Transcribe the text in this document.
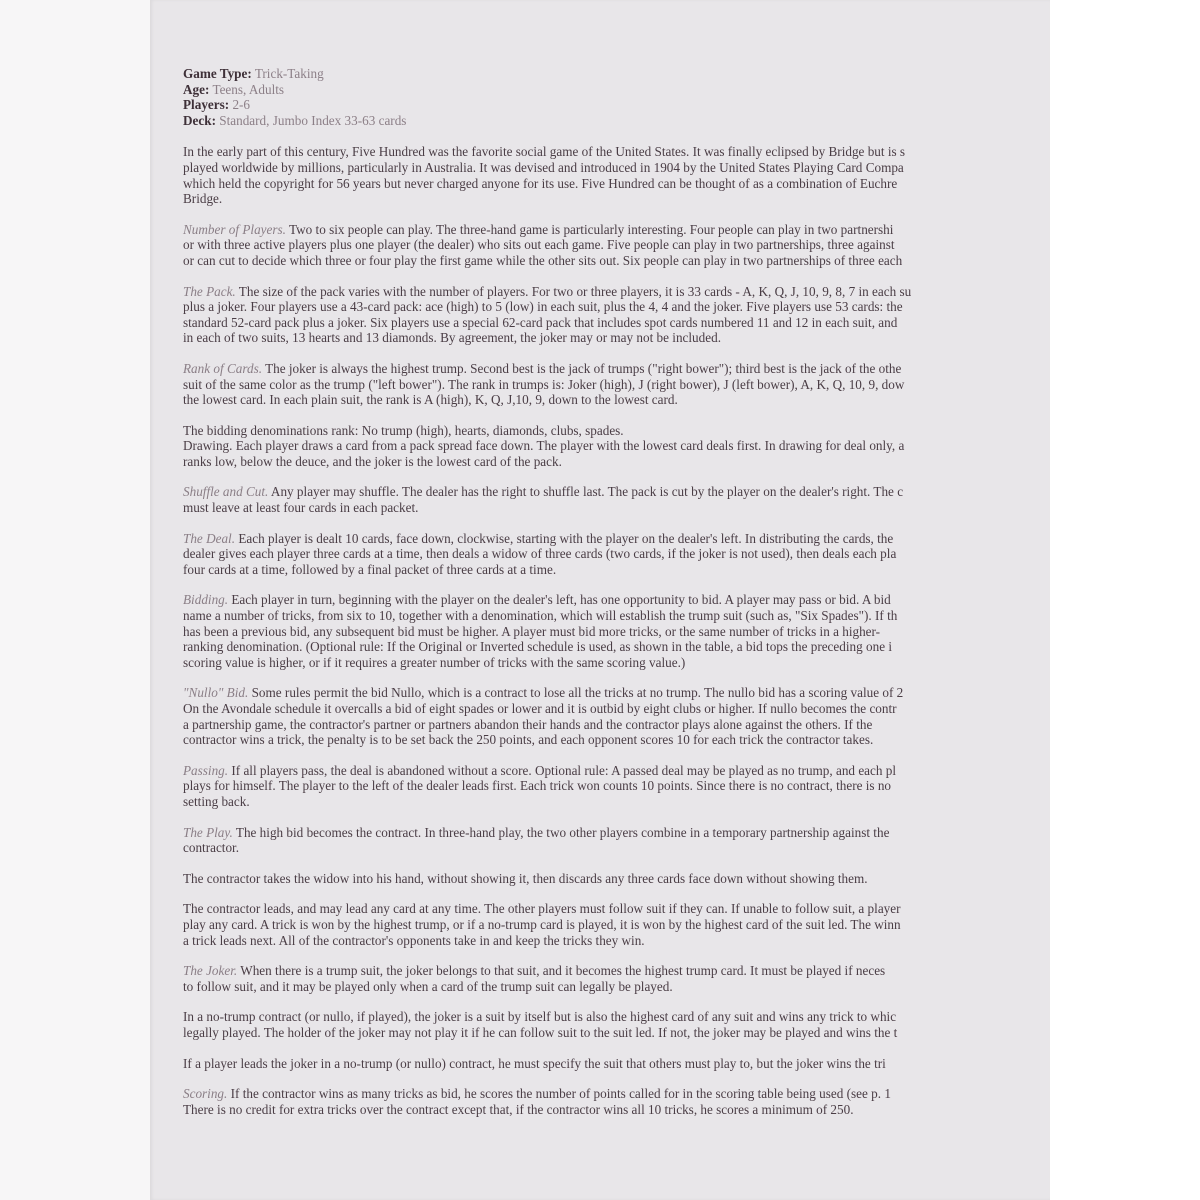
Game Type: Trick-Taking
Age: Teens, Adults
Players: 2-6
Deck: Standard, Jumbo Index 33-63 cards
In the early part of this century, Five Hundred was the favorite social game of the United States. It was finally eclipsed by Bridge but is s
played worldwide by millions, particularly in Australia. It was devised and introduced in 1904 by the United States Playing Card Compa
which held the copyright for 56 years but never charged anyone for its use. Five Hundred can be thought of as a combination of Euchre
Bridge.
Number of Players. Two to six people can play. The three-hand game is particularly interesting. Four people can play in two partnershi
or with three active players plus one player (the dealer) who sits out each game. Five people can play in two partnerships, three against
or can cut to decide which three or four play the first game while the other sits out. Six people can play in two partnerships of three each
The Pack. The size of the pack varies with the number of players. For two or three players, it is 33 cards - A, K, Q, J, 10, 9, 8, 7 in each su
plus a joker. Four players use a 43-card pack: ace (high) to 5 (low) in each suit, plus the 4, 4 and the joker. Five players use 53 cards: the
standard 52-card pack plus a joker. Six players use a special 62-card pack that includes spot cards numbered 11 and 12 in each suit, and
in each of two suits, 13 hearts and 13 diamonds. By agreement, the joker may or may not be included.
Rank of Cards. The joker is always the highest trump. Second best is the jack of trumps ("right bower"); third best is the jack of the othe
suit of the same color as the trump ("left bower"). The rank in trumps is: Joker (high), J (right bower), J (left bower), A, K, Q, 10, 9, dow
the lowest card. In each plain suit, the rank is A (high), K, Q, J,10, 9, down to the lowest card.
The bidding denominations rank: No trump (high), hearts, diamonds, clubs, spades.
Drawing. Each player draws a card from a pack spread face down. The player with the lowest card deals first. In drawing for deal only, a
ranks low, below the deuce, and the joker is the lowest card of the pack.
Shuffle and Cut. Any player may shuffle. The dealer has the right to shuffle last. The pack is cut by the player on the dealer's right. The c
must leave at least four cards in each packet.
The Deal. Each player is dealt 10 cards, face down, clockwise, starting with the player on the dealer's left. In distributing the cards, the
dealer gives each player three cards at a time, then deals a widow of three cards (two cards, if the joker is not used), then deals each pla
four cards at a time, followed by a final packet of three cards at a time.
Bidding. Each player in turn, beginning with the player on the dealer's left, has one opportunity to bid. A player may pass or bid. A bid
name a number of tricks, from six to 10, together with a denomination, which will establish the trump suit (such as, "Six Spades"). If th
has been a previous bid, any subsequent bid must be higher. A player must bid more tricks, or the same number of tricks in a higher-
ranking denomination. (Optional rule: If the Original or Inverted schedule is used, as shown in the table, a bid tops the preceding one i
scoring value is higher, or if it requires a greater number of tricks with the same scoring value.)
"Nullo" Bid. Some rules permit the bid Nullo, which is a contract to lose all the tricks at no trump. The nullo bid has a scoring value of 2
On the Avondale schedule it overcalls a bid of eight spades or lower and it is outbid by eight clubs or higher. If nullo becomes the contr
a partnership game, the contractor's partner or partners abandon their hands and the contractor plays alone against the others. If the
contractor wins a trick, the penalty is to be set back the 250 points, and each opponent scores 10 for each trick the contractor takes.
Passing. If all players pass, the deal is abandoned without a score. Optional rule: A passed deal may be played as no trump, and each pl
plays for himself. The player to the left of the dealer leads first. Each trick won counts 10 points. Since there is no contract, there is no
setting back.
The Play. The high bid becomes the contract. In three-hand play, the two other players combine in a temporary partnership against the
contractor.
The contractor takes the widow into his hand, without showing it, then discards any three cards face down without showing them.
The contractor leads, and may lead any card at any time. The other players must follow suit if they can. If unable to follow suit, a player
play any card. A trick is won by the highest trump, or if a no-trump card is played, it is won by the highest card of the suit led. The winn
a trick leads next. All of the contractor's opponents take in and keep the tricks they win.
The Joker. When there is a trump suit, the joker belongs to that suit, and it becomes the highest trump card. It must be played if neces
to follow suit, and it may be played only when a card of the trump suit can legally be played.
In a no-trump contract (or nullo, if played), the joker is a suit by itself but is also the highest card of any suit and wins any trick to whic
legally played. The holder of the joker may not play it if he can follow suit to the suit led. If not, the joker may be played and wins the t
If a player leads the joker in a no-trump (or nullo) contract, he must specify the suit that others must play to, but the joker wins the tri
Scoring. If the contractor wins as many tricks as bid, he scores the number of points called for in the scoring table being used (see p. 1
There is no credit for extra tricks over the contract except that, if the contractor wins all 10 tricks, he scores a minimum of 250.
